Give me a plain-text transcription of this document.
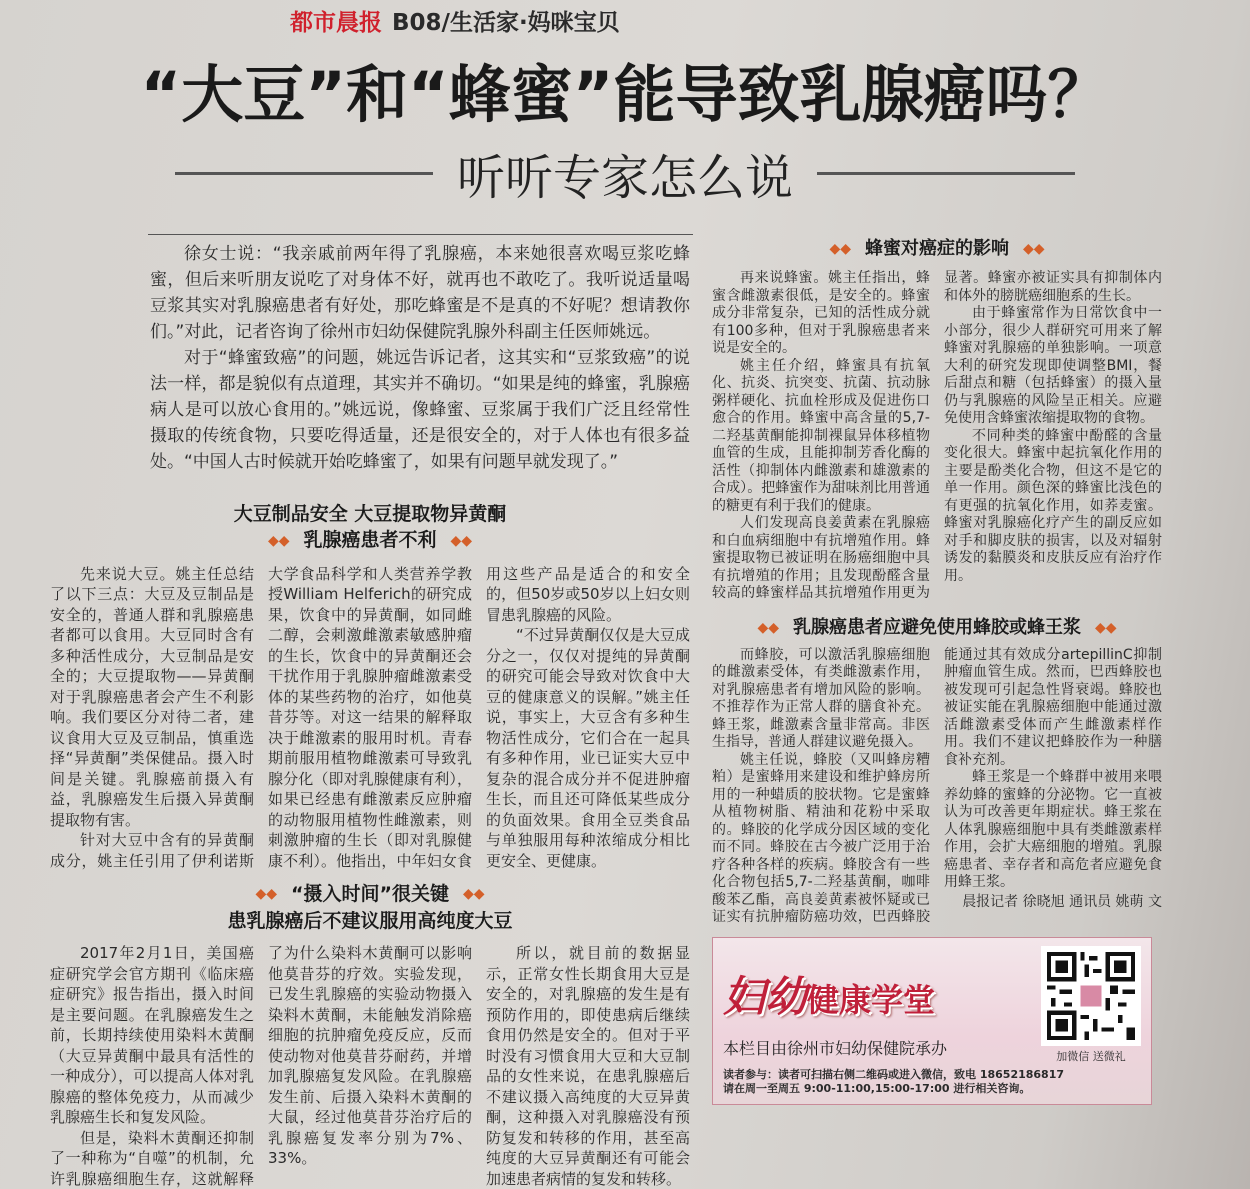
都市晨报 B08/生活家·妈咪宝贝
“大豆”和“蜂蜜”能导致乳腺癌吗？
听听专家怎么说

徐女士说：“我亲戚前两年得了乳腺癌，本来她很喜欢喝豆浆吃蜂蜜，但后来听朋友说吃了对身体不好，就再也不敢吃了。我听说适量喝豆浆其实对乳腺癌患者有好处，那吃蜂蜜是不是真的不好呢？想请教你们。”对此，记者咨询了徐州市妇幼保健院乳腺外科副主任医师姚远。

对于“蜂蜜致癌”的问题，姚远告诉记者，这其实和“豆浆致癌”的说法一样，都是貌似有点道理，其实并不确切。“如果是纯的蜂蜜，乳腺癌病人是可以放心食用的。”姚远说，像蜂蜜、豆浆属于我们广泛且经常性摄取的传统食物，只要吃得适量，还是很安全的，对于人体也有很多益处。“中国人古时候就开始吃蜂蜜了，如果有问题早就发现了。”

大豆制品安全 大豆提取物异黄酮
◆◆ 乳腺癌患者不利 ◆◆

先来说大豆。姚主任总结了以下三点：大豆及豆制品是安全的，普通人群和乳腺癌患者都可以食用。大豆同时含有多种活性成分，大豆制品是安全的；大豆提取物——异黄酮对于乳腺癌患者会产生不利影响。我们要区分对待二者，建议食用大豆及豆制品，慎重选择“异黄酮”类保健品。摄入时间是关键。乳腺癌前摄入有益，乳腺癌发生后摄入异黄酮提取物有害。

针对大豆中含有的异黄酮成分，姚主任引用了伊利诺斯大学食品科学和人类营养学教授William Helferich的研究成果，饮食中的异黄酮，如同雌二醇，会刺激雌激素敏感肿瘤的生长，饮食中的异黄酮还会干扰作用于乳腺肿瘤雌激素受体的某些药物的治疗，如他莫昔芬等。对这一结果的解释取决于雌激素的服用时机。青春期前服用植物雌激素可导致乳腺分化（即对乳腺健康有利），如果已经患有雌激素反应肿瘤的动物服用植物性雌激素，则刺激肿瘤的生长（即对乳腺健康不利）。他指出，中年妇女食用这些产品是适合的和安全的，但50岁或50岁以上妇女则冒患乳腺癌的风险。

“不过异黄酮仅仅是大豆成分之一，仅仅对提纯的异黄酮的研究可能会导致对饮食中大豆的健康意义的误解。”姚主任说，事实上，大豆含有多种生物活性成分，它们合在一起具有多种作用，业已证实大豆中复杂的混合成分并不促进肿瘤生长，而且还可降低某些成分的负面效果。食用全豆类食品与单独服用每种浓缩成分相比更安全、更健康。

◆◆ “摄入时间”很关键 ◆◆
患乳腺癌后不建议服用高纯度大豆

2017年2月1日，美国癌症研究学会官方期刊《临床癌症研究》报告指出，摄入时间是主要问题。在乳腺癌发生之前，长期持续使用染料木黄酮（大豆异黄酮中最具有活性的一种成分），可以提高人体对乳腺癌的整体免疫力，从而减少乳腺癌生长和复发风险。

但是，染料木黄酮还抑制了一种称为“自噬”的机制，允许乳腺癌细胞生存，这就解释了为什么染料木黄酮可以影响他莫昔芬的疗效。实验发现，已发生乳腺癌的实验动物摄入染料木黄酮，未能触发消除癌细胞的抗肿瘤免疫反应，反而使动物对他莫昔芬耐药，并增加乳腺癌复发风险。在乳腺癌发生前、后摄入染料木黄酮的大鼠，经过他莫昔芬治疗后的乳腺癌复发率分别为7%、33%。

所以，就目前的数据显示，正常女性长期食用大豆是安全的，对乳腺癌的发生是有预防作用的，即使患病后继续食用仍然是安全的。但对于平时没有习惯食用大豆和大豆制品的女性来说，在患乳腺癌后不建议摄入高纯度的大豆异黄酮，这种摄入对乳腺癌没有预防复发和转移的作用，甚至高纯度的大豆异黄酮还有可能会加速患者病情的复发和转移。

◆◆ 蜂蜜对癌症的影响 ◆◆

再来说蜂蜜。姚主任指出，蜂蜜含雌激素很低，是安全的。蜂蜜成分非常复杂，已知的活性成分就有100多种，但对于乳腺癌患者来说是安全的。

姚主任介绍，蜂蜜具有抗氧化、抗炎、抗突变、抗菌、抗动脉粥样硬化、抗血栓形成及促进伤口愈合的作用。蜂蜜中高含量的5,7-二羟基黄酮能抑制裸鼠异体移植物血管的生成，且能抑制芳香化酶的活性（抑制体内雌激素和雄激素的合成）。把蜂蜜作为甜味剂比用普通的糖更有利于我们的健康。

人们发现高良姜黄素在乳腺癌和白血病细胞中有抗增殖作用。蜂蜜提取物已被证明在肠癌细胞中具有抗增殖的作用；且发现酚醛含量较高的蜂蜜样品其抗增殖作用更为显著。蜂蜜亦被证实具有抑制体内和体外的膀胱癌细胞系的生长。

由于蜂蜜常作为日常饮食中一小部分，很少人群研究可用来了解蜂蜜对乳腺癌的单独影响。一项意大利的研究发现即使调整BMI，餐后甜点和糖（包括蜂蜜）的摄入量仍与乳腺癌的风险呈正相关。应避免使用含蜂蜜浓缩提取物的食物。

不同种类的蜂蜜中酚醛的含量变化很大。蜂蜜中起抗氧化作用的主要是酚类化合物，但这不是它的单一作用。颜色深的蜂蜜比浅色的有更强的抗氧化作用，如荞麦蜜。蜂蜜对乳腺癌化疗产生的副反应如对手和脚皮肤的损害，以及对辐射诱发的黏膜炎和皮肤反应有治疗作用。

◆◆ 乳腺癌患者应避免使用蜂胶或蜂王浆 ◆◆

而蜂胶，可以激活乳腺癌细胞的雌激素受体，有类雌激素作用，对乳腺癌患者有增加风险的影响。不推荐作为正常人群的膳食补充。蜂王浆，雌激素含量非常高。非医生指导，普通人群建议避免摄入。

姚主任说，蜂胶（又叫蜂房糟粕）是蜜蜂用来建设和维护蜂房所用的一种蜡质的胶状物。它是蜜蜂从植物树脂、精油和花粉中采取的。蜂胶的化学成分因区域的变化而不同。蜂胶在古今被广泛用于治疗各种各样的疾病。蜂胶含有一些化合物包括5,7-二羟基黄酮，咖啡酸苯乙酯，高良姜黄素被怀疑或已证实有抗肿瘤防癌功效，巴西蜂胶能通过其有效成分artepillinC抑制肿瘤血管生成。然而，巴西蜂胶也被发现可引起急性肾衰竭。蜂胶也被证实能在乳腺癌细胞中能通过激活雌激素受体而产生雌激素样作用。我们不建议把蜂胶作为一种膳食补充剂。

蜂王浆是一个蜂群中被用来喂养幼蜂的蜜蜂的分泌物。它一直被认为可改善更年期症状。蜂王浆在人体乳腺癌细胞中具有类雌激素样作用，会扩大癌细胞的增殖。乳腺癌患者、幸存者和高危者应避免食用蜂王浆。

晨报记者 徐晓旭 通讯员 姚萌 文

妇幼健康学堂
本栏目由徐州市妇幼保健院承办	加微信 送微礼
读者参与：读者可扫描右侧二维码或进入微信，致电 18652186817
请在周一至周五 9:00-11:00,15:00-17:00 进行相关咨询。
